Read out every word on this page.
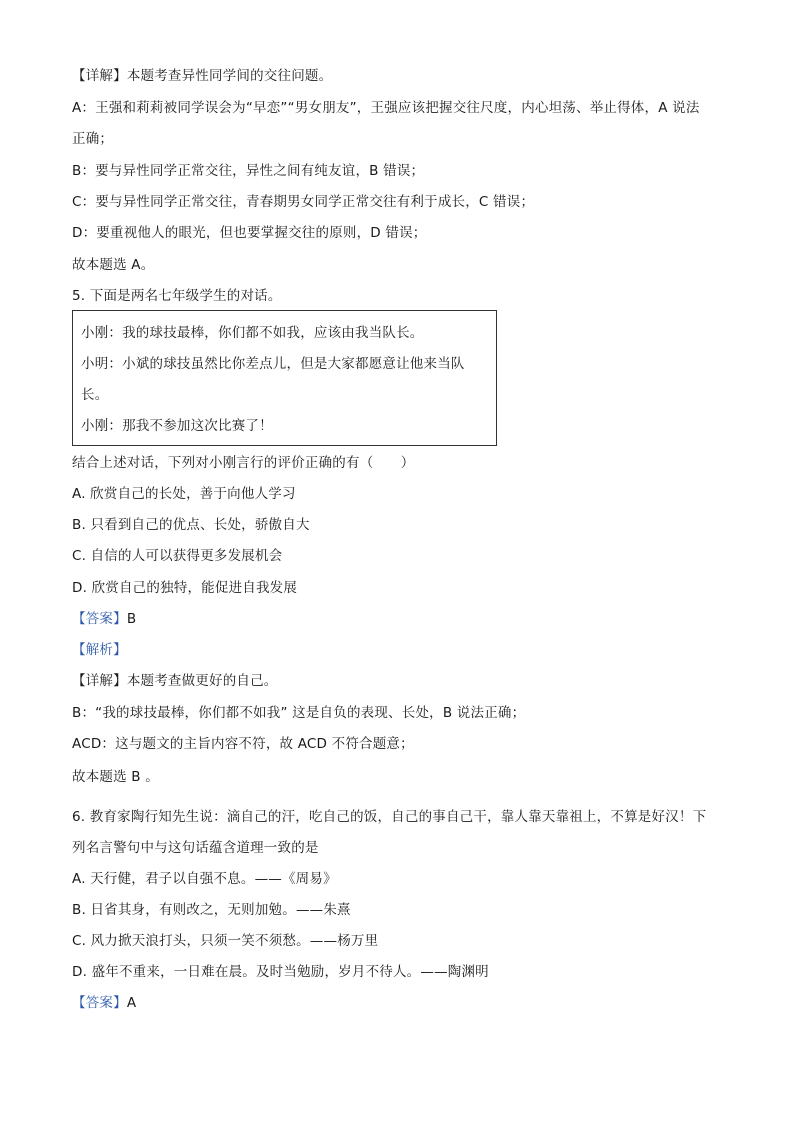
【详解】本题考查异性同学间的交往问题。
A：王强和莉莉被同学误会为“早恋”“男女朋友”，王强应该把握交往尺度，内心坦荡、举止得体，A 说法
正确；
B：要与异性同学正常交往，异性之间有纯友谊，B 错误；
C：要与异性同学正常交往，青春期男女同学正常交往有利于成长，C 错误；
D：要重视他人的眼光，但也要掌握交往的原则，D 错误；
故本题选 A。
5. 下面是两名七年级学生的对话。
小刚：我的球技最棒，你们都不如我，应该由我当队长。
小明：小斌的球技虽然比你差点儿，但是大家都愿意让他来当队
长。
小刚：那我不参加这次比赛了！
结合上述对话，下列对小刚言行的评价正确的有（　　）
A. 欣赏自己的长处，善于向他人学习
B. 只看到自己的优点、长处，骄傲自大
C. 自信的人可以获得更多发展机会
D. 欣赏自己的独特，能促进自我发展
【答案】B
【解析】
【详解】本题考查做更好的自己。
B：“我的球技最棒，你们都不如我” 这是自负的表现、长处，B 说法正确；
ACD：这与题文的主旨内容不符，故 ACD 不符合题意；
故本题选 B 。
6. 教育家陶行知先生说：滴自己的汗，吃自己的饭，自己的事自己干，靠人靠天靠祖上，不算是好汉！下
列名言警句中与这句话蕴含道理一致的是
A. 天行健，君子以自强不息。——《周易》
B. 日省其身，有则改之，无则加勉。——朱熹
C. 风力掀天浪打头，只须一笑不须愁。——杨万里
D. 盛年不重来，一日难在晨。及时当勉励，岁月不待人。——陶渊明
【答案】A
